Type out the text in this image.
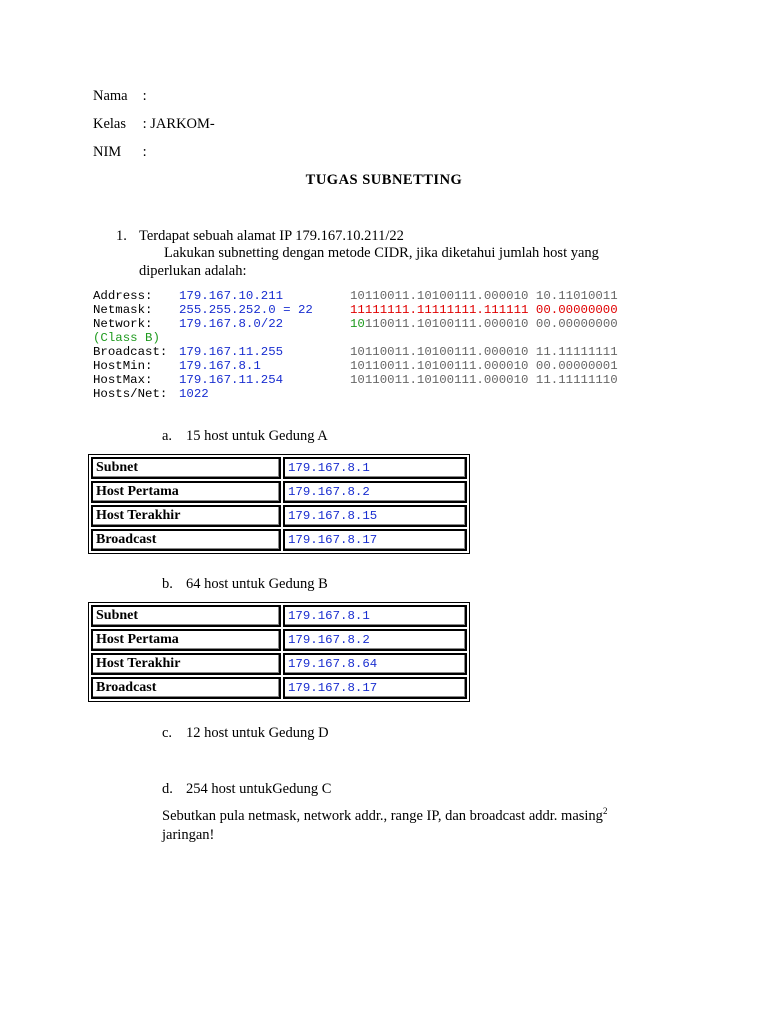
Nama :
Kelas : JARKOM-
NIM :
TUGAS SUBNETTING
1. Terdapat sebuah alamat IP 179.167.10.211/22
Lakukan subnetting dengan metode CIDR, jika diketahui jumlah host yang
diperlukan adalah:
Address: 179.167.10.211	10110011.10100111.000010 10.11010011
Netmask: 255.255.252.0 = 22	11111111.11111111.111111 00.00000000
Network: 179.167.8.0/22	10110011.10100111.000010 00.00000000
(Class B)
Broadcast: 179.167.11.255	10110011.10100111.000010 11.11111111
HostMin: 179.167.8.1	10110011.10100111.000010 00.00000001
HostMax: 179.167.11.254	10110011.10100111.000010 11.11111110
Hosts/Net: 1022
a. 15 host untuk Gedung A
Subnet	179.167.8.1
Host Pertama	179.167.8.2
Host Terakhir	179.167.8.15
Broadcast	179.167.8.17
b. 64 host untuk Gedung B
Subnet	179.167.8.1
Host Pertama	179.167.8.2
Host Terakhir	179.167.8.64
Broadcast	179.167.8.17
c. 12 host untuk Gedung D
d. 254 host untukGedung C
Sebutkan pula netmask, network addr., range IP, dan broadcast addr. masing$^2$
jaringan!
